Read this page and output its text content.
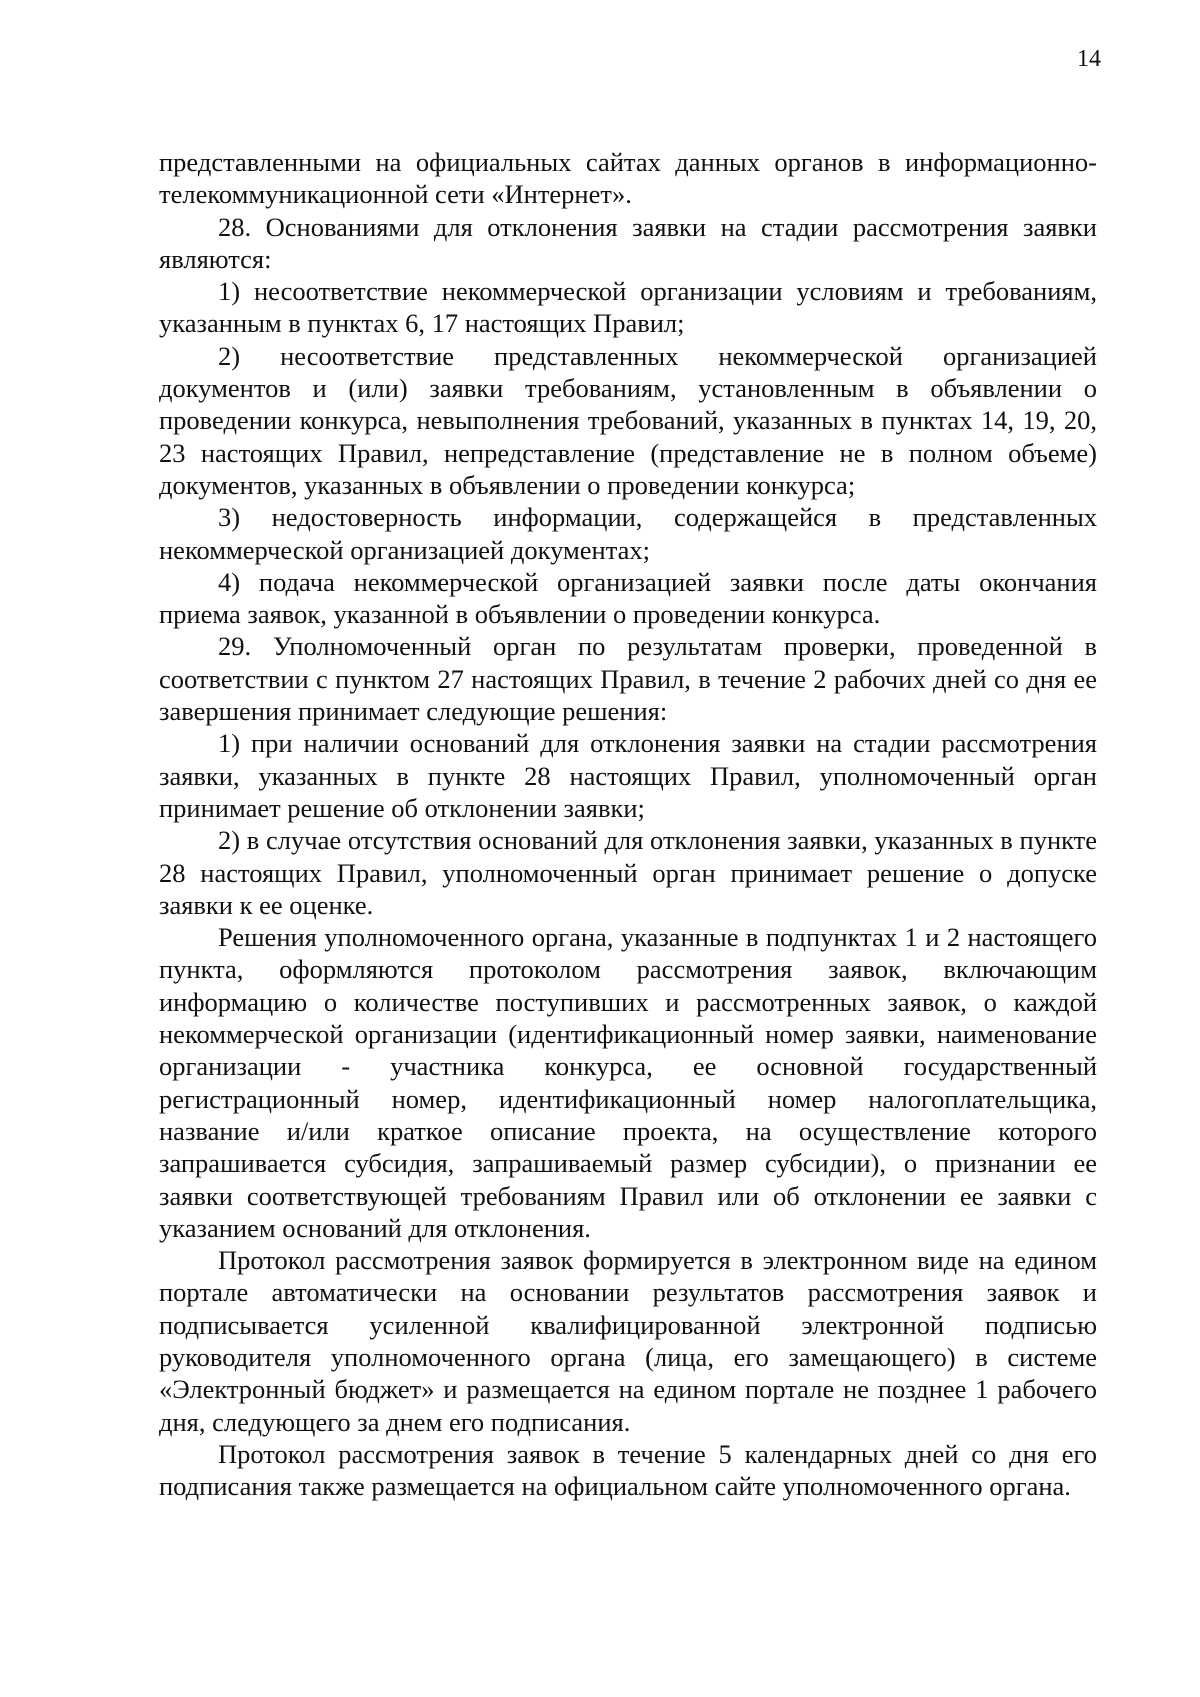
14

представленными на официальных сайтах данных органов в информационно-телекоммуникационной сети «Интернет».

28. Основаниями для отклонения заявки на стадии рассмотрения заявки являются:

1) несоответствие некоммерческой организации условиям и требованиям, указанным в пунктах 6, 17 настоящих Правил;

2) несоответствие представленных некоммерческой организацией документов и (или) заявки требованиям, установленным в объявлении о проведении конкурса, невыполнения требований, указанных в пунктах 14, 19, 20, 23 настоящих Правил, непредставление (представление не в полном объеме) документов, указанных в объявлении о проведении конкурса;

3) недостоверность информации, содержащейся в представленных некоммерческой организацией документах;

4) подача некоммерческой организацией заявки после даты окончания приема заявок, указанной в объявлении о проведении конкурса.

29. Уполномоченный орган по результатам проверки, проведенной в соответствии с пунктом 27 настоящих Правил, в течение 2 рабочих дней со дня ее завершения принимает следующие решения:

1) при наличии оснований для отклонения заявки на стадии рассмотрения заявки, указанных в пункте 28 настоящих Правил, уполномоченный орган принимает решение об отклонении заявки;

2) в случае отсутствия оснований для отклонения заявки, указанных в пункте 28 настоящих Правил, уполномоченный орган принимает решение о допуске заявки к ее оценке.

Решения уполномоченного органа, указанные в подпунктах 1 и 2 настоящего пункта, оформляются протоколом рассмотрения заявок, включающим информацию о количестве поступивших и рассмотренных заявок, о каждой некоммерческой организации (идентификационный номер заявки, наименование организации - участника конкурса, ее основной государственный регистрационный номер, идентификационный номер налогоплательщика, название и/или краткое описание проекта, на осуществление которого запрашивается субсидия, запрашиваемый размер субсидии), о признании ее заявки соответствующей требованиям Правил или об отклонении ее заявки с указанием оснований для отклонения.

Протокол рассмотрения заявок формируется в электронном виде на едином портале автоматически на основании результатов рассмотрения заявок и подписывается усиленной квалифицированной электронной подписью руководителя уполномоченного органа (лица, его замещающего) в системе «Электронный бюджет» и размещается на едином портале не позднее 1 рабочего дня, следующего за днем его подписания.

Протокол рассмотрения заявок в течение 5 календарных дней со дня его подписания также размещается на официальном сайте уполномоченного органа.
